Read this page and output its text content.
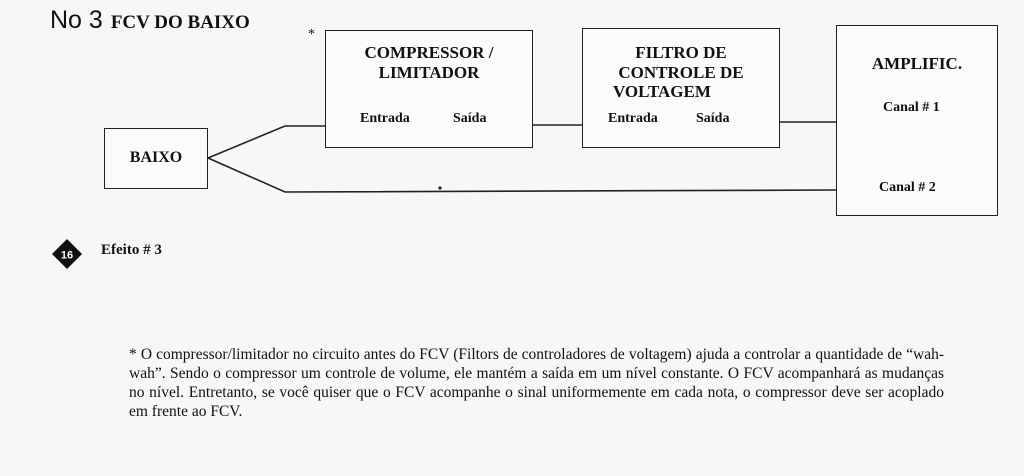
No 3 FCV DO BAIXO
*
BAIXO
COMPRESSOR /
LIMITADOR
Entrada	Saída
FILTRO DE
CONTROLE DE
VOLTAGEM
Entrada	Saída
AMPLIFIC.
Canal # 1
Canal # 2
16 Efeito # 3
* O compressor/limitador no circuito antes do FCV (Filtors de controladores de voltagem) ajuda a controlar a quantidade de “wah-wah”. Sendo o compressor um controle de volume, ele mantém a saída em um nível constante. O FCV acompanhará as mudanças no nível. Entretanto, se você quiser que o FCV acompanhe o sinal uniformemente em cada nota, o compressor deve ser acoplado em frente ao FCV.
